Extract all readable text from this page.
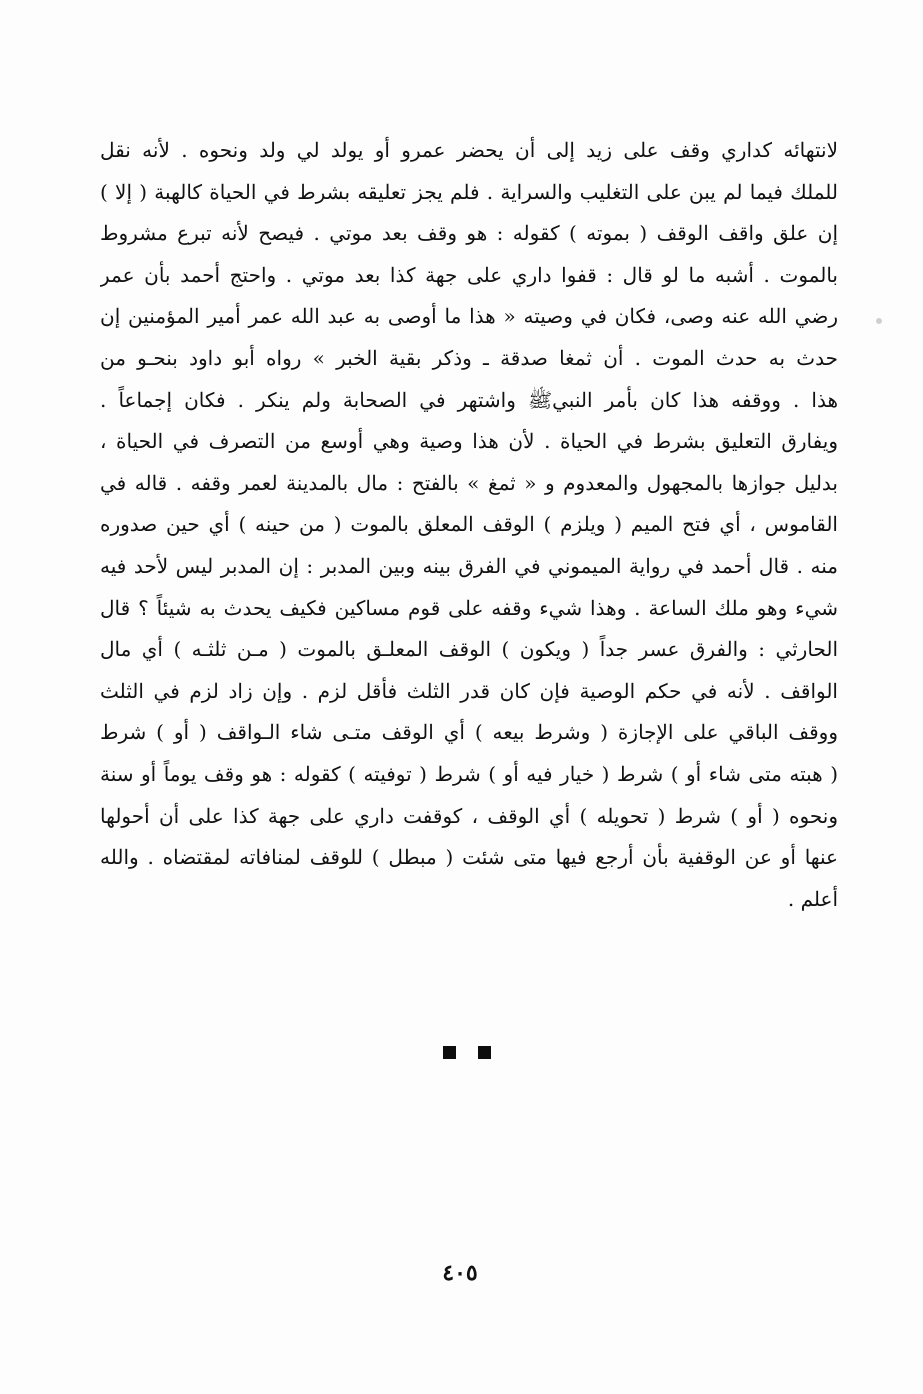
لانتهائه كداري وقف على زيد إلى أن يحضر عمرو أو يولد لي ولد ونحوه . لأنه نقل
للملك فيما لم يبن على التغليب والسراية . فلم يجز تعليقه بشرط في الحياة كالهبة ( إلا )
إن علق واقف الوقف ( بموته ) كقوله : هو وقف بعد موتي . فيصح لأنه تبرع مشروط
بالموت . أشبه ما لو قال : قفوا داري على جهة كذا بعد موتي . واحتج أحمد بأن عمر
رضي الله عنه وصى، فكان في وصيته « هذا ما أوصى به عبد الله عمر أمير المؤمنين إن
حدث به حدث الموت . أن ثمغا صدقة ـ وذكر بقية الخبر » رواه أبو داود بنحـو من
هذا . ووقفه هذا كان بأمر النبيﷺ واشتهر في الصحابة ولم ينكر . فكان إجماعاً .
ويفارق التعليق بشرط في الحياة . لأن هذا وصية وهي أوسع من التصرف في الحياة ،
بدليل جوازها بالمجهول والمعدوم و « ثمغ » بالفتح : مال بالمدينة لعمر وقفه . قاله في
القاموس ، أي فتح الميم ( ويلزم ) الوقف المعلق بالموت ( من حينه ) أي حين صدوره
منه . قال أحمد في رواية الميموني في الفرق بينه وبين المدبر : إن المدبر ليس لأحد فيه
شيء وهو ملك الساعة . وهذا شيء وقفه على قوم مساكين فكيف يحدث به شيئاً ؟ قال
الحارثي : والفرق عسر جداً ( ويكون ) الوقف المعلـق بالموت ( مـن ثلثـه ) أي مال
الواقف . لأنه في حكم الوصية فإن كان قدر الثلث فأقل لزم . وإن زاد لزم في الثلث
ووقف الباقي على الإجازة ( وشرط بيعه ) أي الوقف متـى شاء الـواقف ( أو ) شرط
( هبته متى شاء أو ) شرط ( خيار فيه أو ) شرط ( توفيته ) كقوله : هو وقف يوماً أو سنة
ونحوه ( أو ) شرط ( تحويله ) أي الوقف ، كوقفت داري على جهة كذا على أن أحولها
عنها أو عن الوقفية بأن أرجع فيها متى شئت ( مبطل ) للوقف لمنافاته لمقتضاه . والله
أعلم .
٤٠٥
